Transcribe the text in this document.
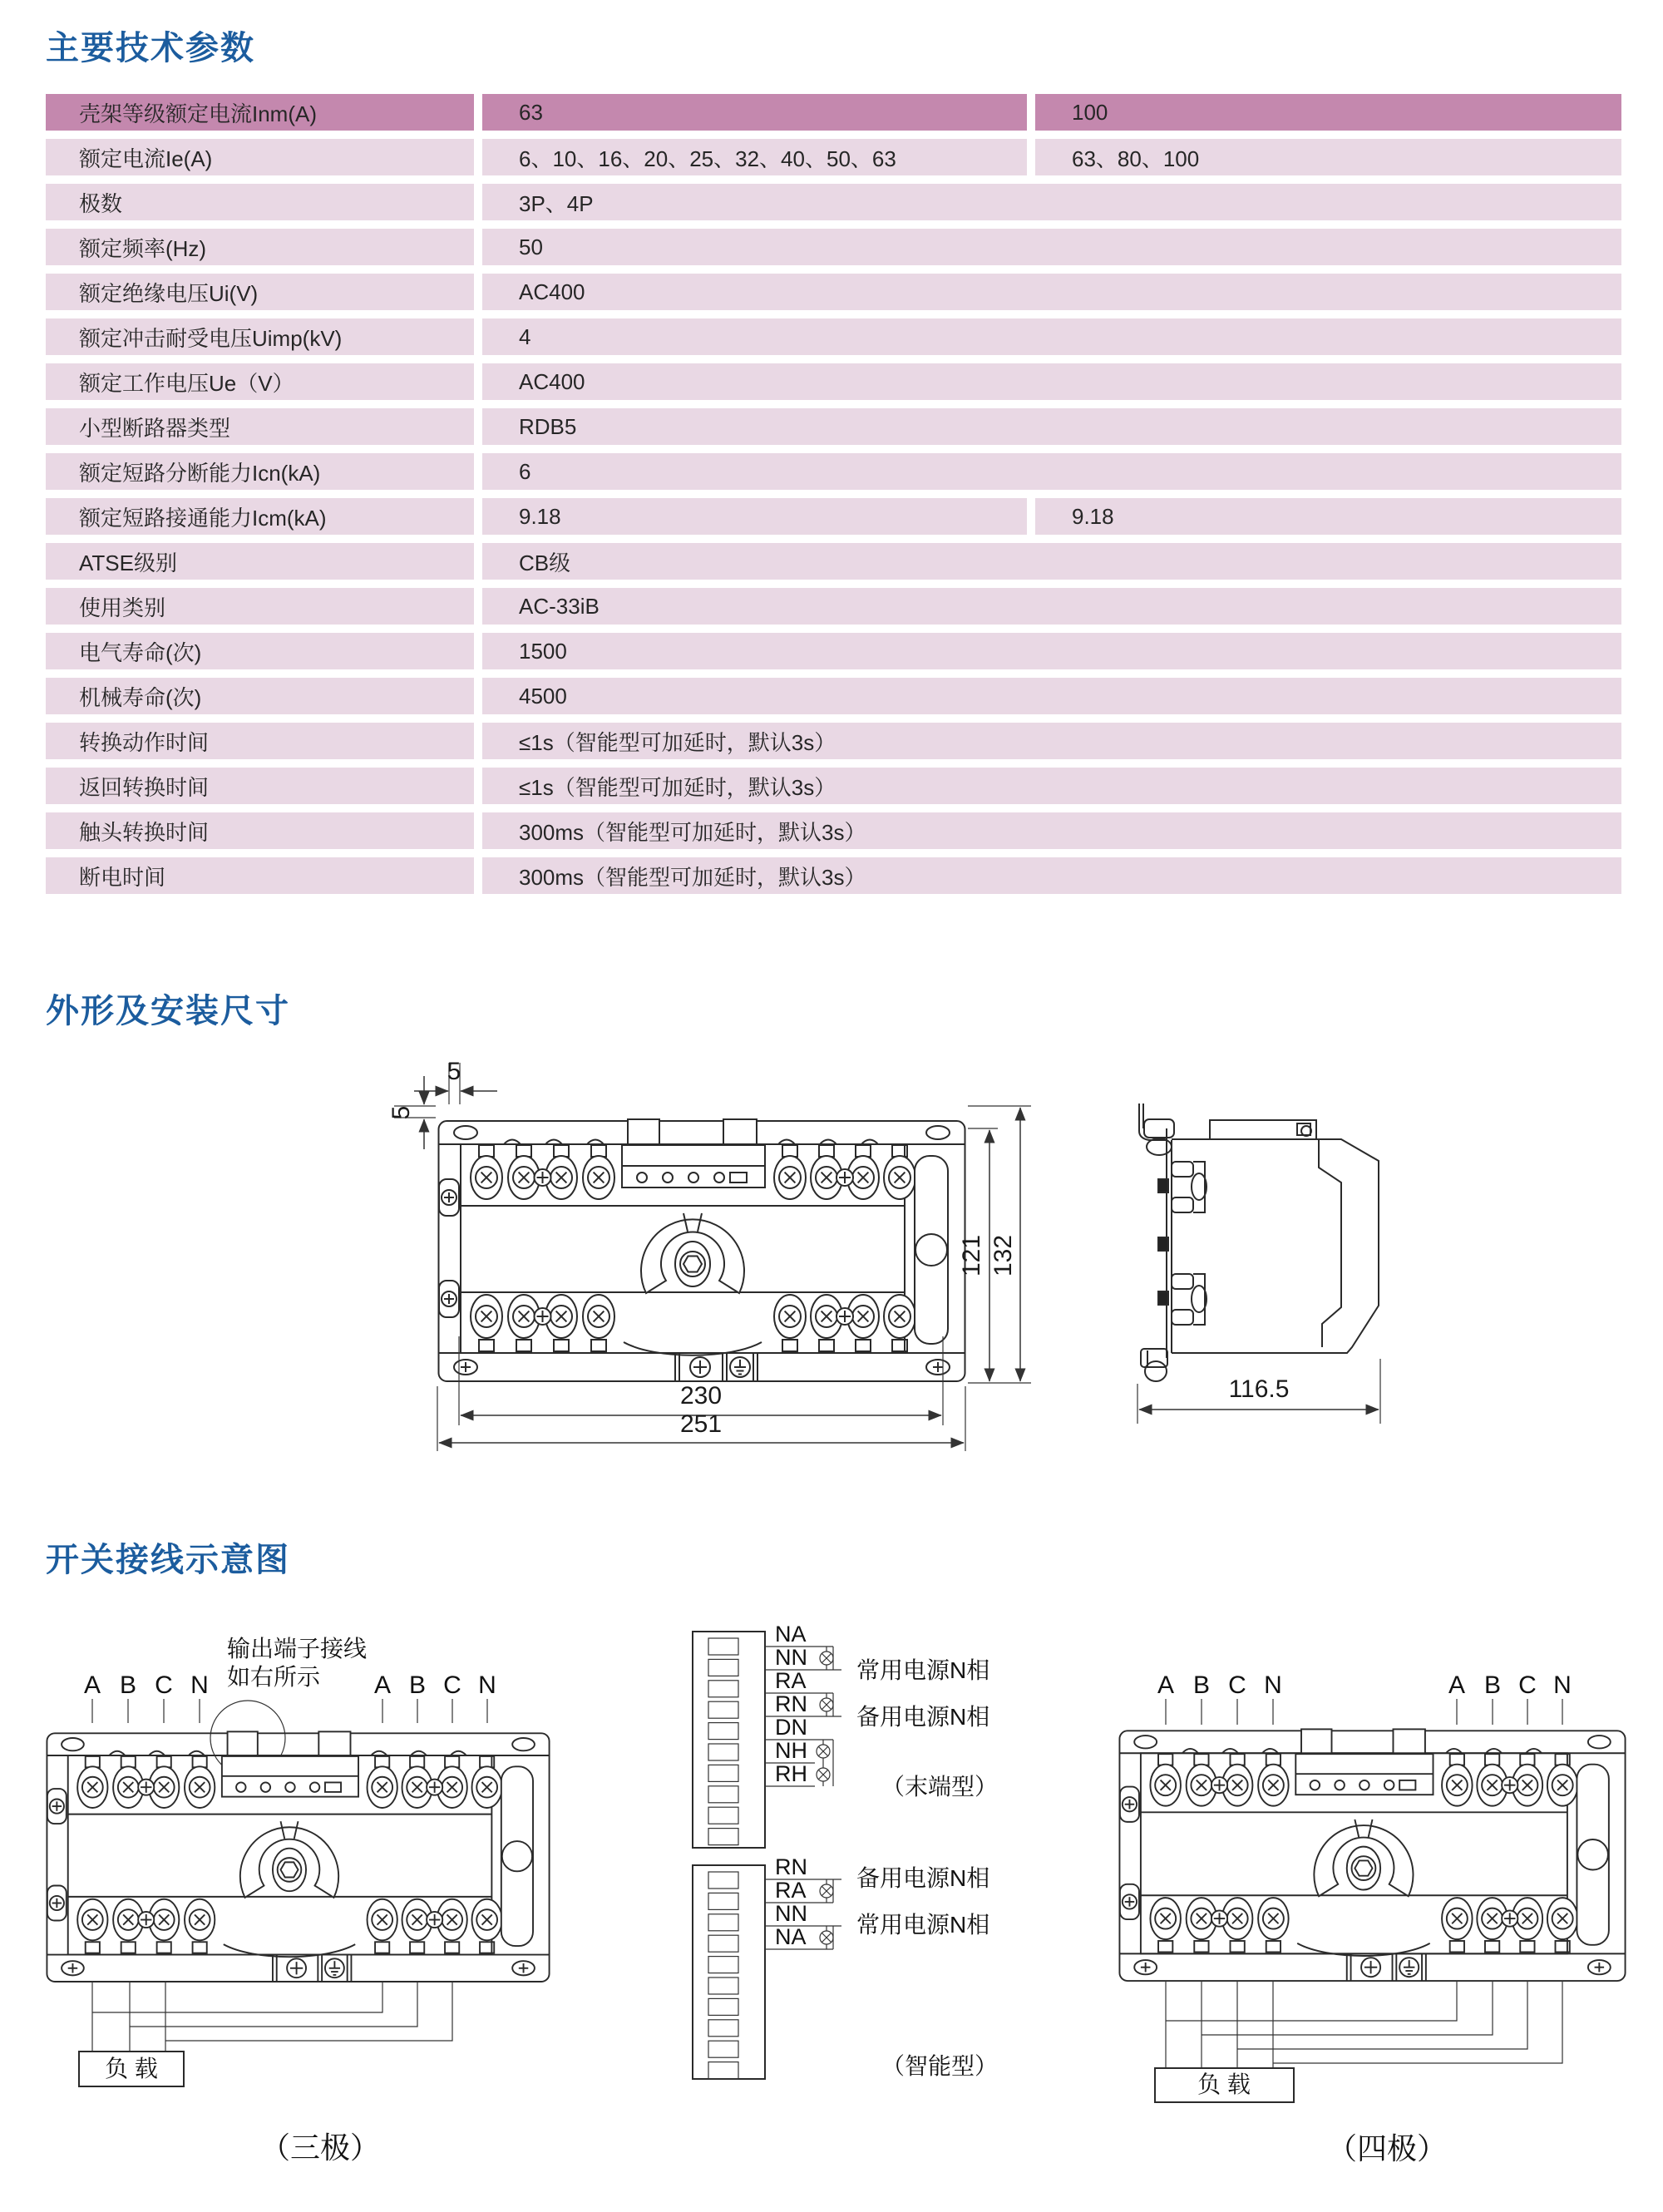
主要技术参数
壳架等级额定电流Inm(A)	63	100
额定电流Ie(A)	6、10、16、20、25、32、40、50、63	63、80、100
极数	3P、4P
额定频率(Hz)	50
额定绝缘电压Ui(V)	AC400
额定冲击耐受电压Uimp(kV)	4
额定工作电压Ue（V）	AC400
小型断路器类型	RDB5
额定短路分断能力Icn(kA)	6
额定短路接通能力Icm(kA)	9.18	9.18
ATSE级别	CB级
使用类别	AC-33iB
电气寿命(次)	1500
机械寿命(次)	4500
转换动作时间	≤1s（智能型可加延时，默认3s）
返回转换时间	≤1s（智能型可加延时，默认3s）
触头转换时间	300ms（智能型可加延时，默认3s）
断电时间	300ms（智能型可加延时，默认3s）
外形及安装尺寸
5
5
121 132
230
251
116.5
开关接线示意图
输出端子接线
如右所示
A B C N	A B C N
负 载
（三极）
NA
NN
RA
RN
DN
NH
RH
常用电源N相
备用电源N相
（末端型）
RN
RA
NN
NA
备用电源N相
常用电源N相
（智能型）
A B C N	A B C N
负 载
（四极）
